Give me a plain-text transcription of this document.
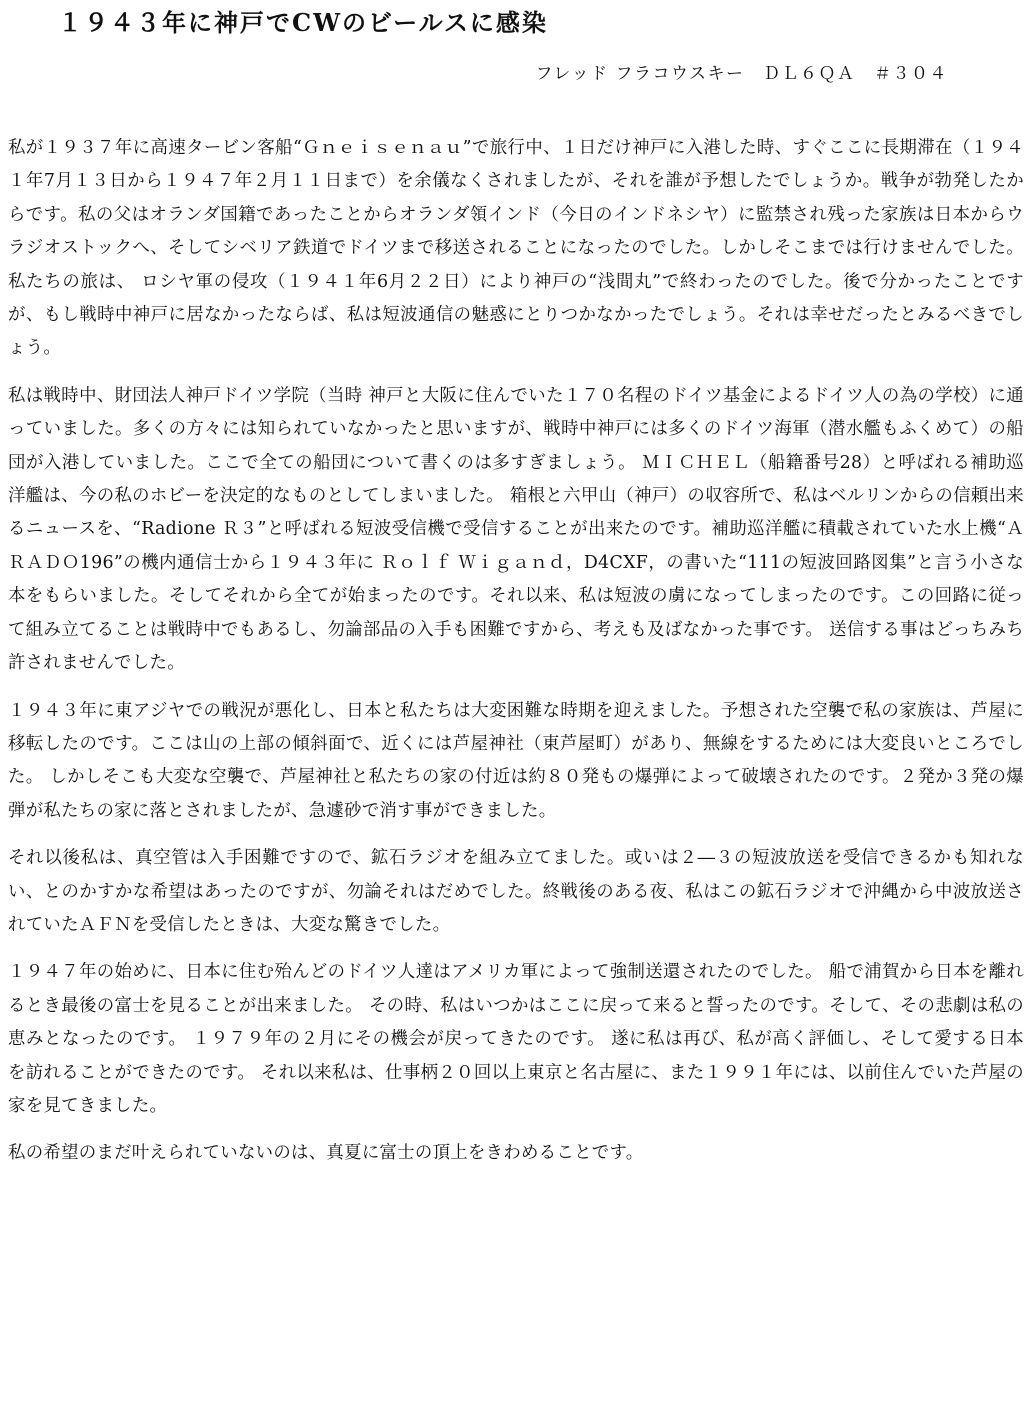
１９４３年に神戸でCWのビールスに感染

フレッド フラコウスキー　ＤＬ６ＱＡ　＃３０４

私が１９３７年に高速タービン客船“Ｇｎｅｉｓｅｎａｕ”で旅行中、１日だけ神戸に入港した時、すぐここに長期滞在（１９４１年7月１３日から１９４７年２月１１日まで）を余儀なくされましたが、それを誰が予想したでしょうか。戦争が勃発したからです。私の父はオランダ国籍であったことからオランダ領インド（今日のインドネシヤ）に監禁され残った家族は日本からウラジオストックへ、そしてシベリア鉄道でドイツまで移送されることになったのでした。しかしそこまでは行けませんでした。私たちの旅は、 ロシヤ軍の侵攻（１９４１年6月２２日）により神戸の“浅間丸”で終わったのでした。後で分かったことですが、もし戦時中神戸に居なかったならば、私は短波通信の魅惑にとりつかなかったでしょう。それは幸せだったとみるべきでしょう。

私は戦時中、財団法人神戸ドイツ学院（当時 神戸と大阪に住んでいた１７０名程のドイツ基金によるドイツ人の為の学校）に通っていました。多くの方々には知られていなかったと思いますが、戦時中神戸には多くのドイツ海軍（潜水艦もふくめて）の船団が入港していました。ここで全ての船団について書くのは多すぎましょう。 ＭＩＣＨＥＬ（船籍番号28）と呼ばれる補助巡洋艦は、今の私のホビーを決定的なものとしてしまいました。 箱根と六甲山（神戸）の収容所で、私はベルリンからの信頼出来るニュースを、“Radione Ｒ３”と呼ばれる短波受信機で受信することが出来たのです。補助巡洋艦に積載されていた水上機“ＡＲＡＤＯ196”の機内通信士から１９４３年に Ｒｏｌｆ Ｗｉｇａｎｄ，D4CXF，の書いた“111の短波回路図集”と言う小さな本をもらいました。そしてそれから全てが始まったのです。それ以来、私は短波の虜になってしまったのです。この回路に従って組み立てることは戦時中でもあるし、勿論部品の入手も困難ですから、考えも及ばなかった事です。 送信する事はどっちみち許されませんでした。

１９４３年に東アジヤでの戦況が悪化し、日本と私たちは大変困難な時期を迎えました。予想された空襲で私の家族は、芦屋に移転したのです。ここは山の上部の傾斜面で、近くには芦屋神社（東芦屋町）があり、無線をするためには大変良いところでした。 しかしそこも大変な空襲で、芦屋神社と私たちの家の付近は約８０発もの爆弾によって破壊されたのです。２発か３発の爆弾が私たちの家に落とされましたが、急遽砂で消す事ができました。

それ以後私は、真空管は入手困難ですので、鉱石ラジオを組み立てました。或いは２―３の短波放送を受信できるかも知れない、とのかすかな希望はあったのですが、勿論それはだめでした。終戦後のある夜、私はこの鉱石ラジオで沖縄から中波放送されていたＡＦＮを受信したときは、大変な驚きでした。

１９４７年の始めに、日本に住む殆んどのドイツ人達はアメリカ軍によって強制送還されたのでした。 船で浦賀から日本を離れるとき最後の富士を見ることが出来ました。 その時、私はいつかはここに戻って来ると誓ったのです。そして、その悲劇は私の恵みとなったのです。 １９７９年の２月にその機会が戻ってきたのです。 遂に私は再び、私が高く評価し、そして愛する日本を訪れることができたのです。 それ以来私は、仕事柄２０回以上東京と名古屋に、また１９９１年には、以前住んでいた芦屋の家を見てきました。

私の希望のまだ叶えられていないのは、真夏に富士の頂上をきわめることです。
